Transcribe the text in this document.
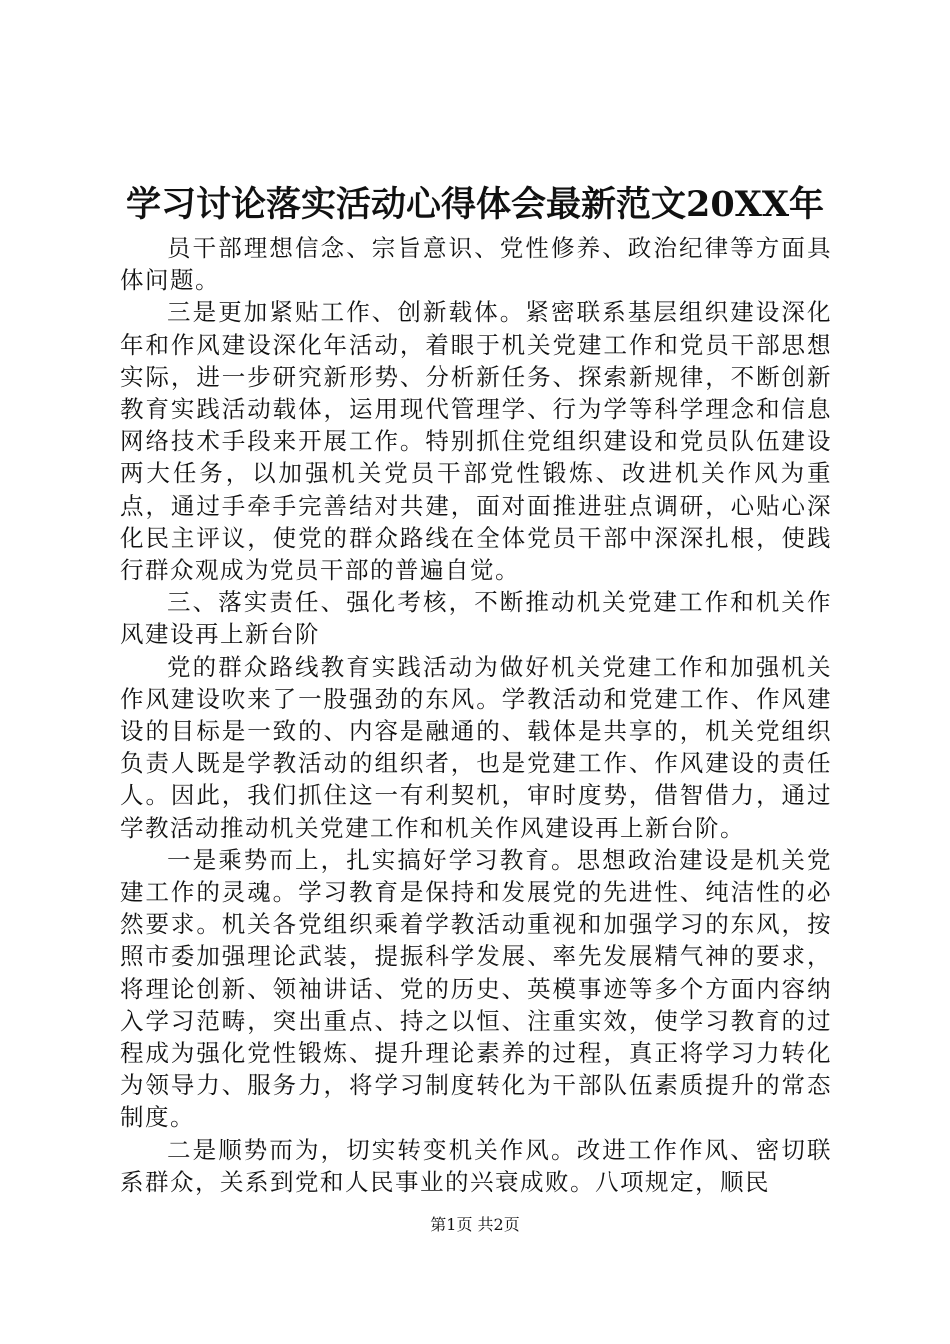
学习讨论落实活动心得体会最新范文20XX年

员干部理想信念、宗旨意识、党性修养、政治纪律等方面具体问题。

三是更加紧贴工作、创新载体。紧密联系基层组织建设深化年和作风建设深化年活动，着眼于机关党建工作和党员干部思想实际，进一步研究新形势、分析新任务、探索新规律，不断创新教育实践活动载体，运用现代管理学、行为学等科学理念和信息网络技术手段来开展工作。特别抓住党组织建设和党员队伍建设两大任务，以加强机关党员干部党性锻炼、改进机关作风为重点，通过手牵手完善结对共建，面对面推进驻点调研，心贴心深化民主评议，使党的群众路线在全体党员干部中深深扎根，使践行群众观成为党员干部的普遍自觉。

三、落实责任、强化考核，不断推动机关党建工作和机关作风建设再上新台阶

党的群众路线教育实践活动为做好机关党建工作和加强机关作风建设吹来了一股强劲的东风。学教活动和党建工作、作风建设的目标是一致的、内容是融通的、载体是共享的，机关党组织负责人既是学教活动的组织者，也是党建工作、作风建设的责任人。因此，我们抓住这一有利契机，审时度势，借智借力，通过学教活动推动机关党建工作和机关作风建设再上新台阶。

一是乘势而上，扎实搞好学习教育。思想政治建设是机关党建工作的灵魂。学习教育是保持和发展党的先进性、纯洁性的必然要求。机关各党组织乘着学教活动重视和加强学习的东风，按照市委加强理论武装，提振科学发展、率先发展精气神的要求，将理论创新、领袖讲话、党的历史、英模事迹等多个方面内容纳入学习范畴，突出重点、持之以恒、注重实效，使学习教育的过程成为强化党性锻炼、提升理论素养的过程，真正将学习力转化为领导力、服务力，将学习制度转化为干部队伍素质提升的常态制度。

二是顺势而为，切实转变机关作风。改进工作作风、密切联系群众，关系到党和人民事业的兴衰成败。八项规定，顺民

第1页 共2页
